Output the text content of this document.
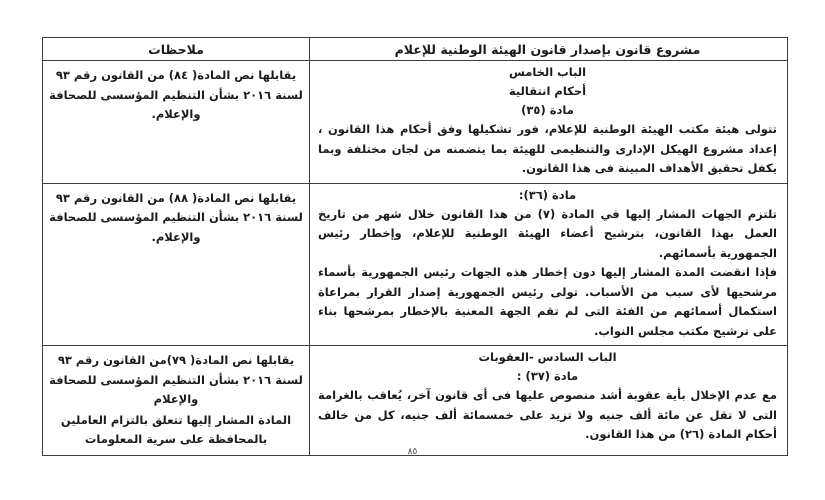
مشروع قانون بإصدار قانون الهيئة الوطنية للإعلام
ملاحظات
الباب الخامس
أحكام انتقالية
مادة (٣٥)

تتولى هيئة مكتب الهيئة الوطنية للإعلام، فور تشكيلها وفق أحكام هذا القانون ، إعداد مشروع الهيكل الإدارى والتنظيمى للهيئة بما يتضمنه من لجان مختلفة وبما يكفل تحقيق الأهداف المبينة فى هذا القانون.

يقابلها نص المادة( ٨٤) من القانون رقم ٩٣ لسنة ٢٠١٦ بشأن التنظيم المؤسسى للصحافة والإعلام.
مادة (٣٦):

تلتزم الجهات المشار إليها في المادة (٧) من هذا القانون خلال شهر من تاريخ العمل بهذا القانون، بترشيح أعضاء الهيئة الوطنية للإعلام، وإخطار رئيس الجمهورية بأسمائهم.

فإذا انقضت المدة المشار إليها دون إخطار هذه الجهات رئيس الجمهورية بأسماء مرشحيها لأى سبب من الأسباب. تولى رئيس الجمهورية إصدار القرار بمراعاة استكمال أسمائهم من الفئة التى لم تقم الجهة المعنية بالإخطار بمرشحها بناء على ترشيح مكتب مجلس النواب.

يقابلها نص المادة( ٨٨) من القانون رقم ٩٣ لسنة ٢٠١٦ بشأن التنظيم المؤسسى للصحافة والإعلام.
الباب السادس -العقوبات
مادة (٣٧) :

مع عدم الإخلال بأية عقوبة أشد منصوص عليها فى أى قانون آخر، يُعاقب بالغرامة التى لا تقل عن مائة ألف جنيه ولا تزيد على خمسمائة ألف جنيه، كل من خالف أحكام المادة (٢٦) من هذا القانون.

يقابلها نص المادة( ٧٩)من القانون رقم ٩٣ لسنة ٢٠١٦ بشأن التنظيم المؤسسى للصحافة والإعلام
المادة المشار إليها تتعلق بالتزام العاملين بالمحافظة على سرية المعلومات
٨٥
